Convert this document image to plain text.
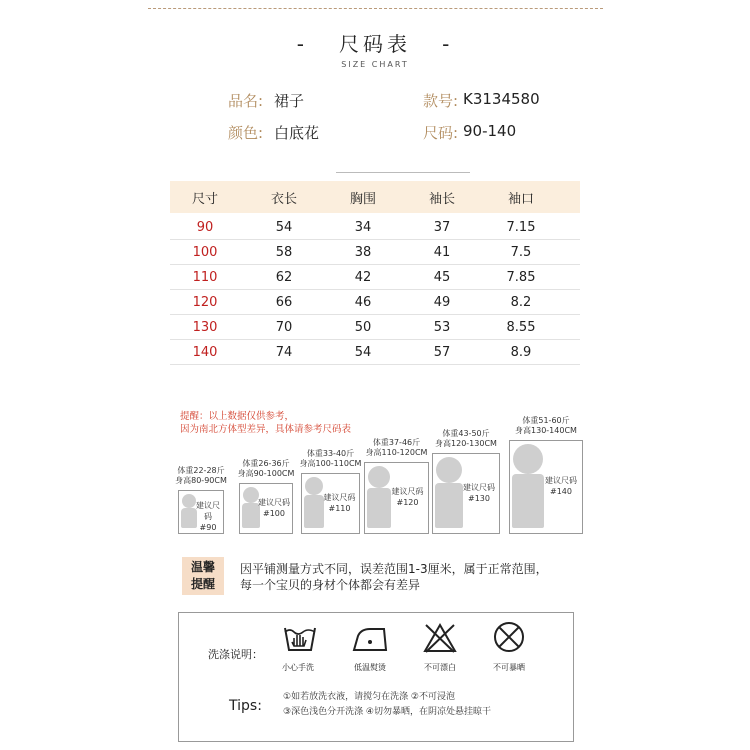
- 尺码表 -
SIZE CHART
品名: 裙子	款号: K3134580
颜色: 白底花	尺码: 90-140
尺寸	衣长	胸围	袖长	袖口
90	54	34	37	7.15
100	58	38	41	7.5
110	62	42	45	7.85
120	66	46	49	8.2
130	70	50	53	8.55
140	74	54	57	8.9
提醒：以上数据仅供参考，
因为南北方体型差异，具体请参考尺码表
体重22-28斤
身高80-90CM
建议尺码
#90
体重26-36斤
身高90-100CM
建议尺码
#100
体重33-40斤
身高100-110CM
建议尺码
#110
体重37-46斤
身高110-120CM
建议尺码
#120
体重43-50斤
身高120-130CM
建议尺码
#130
体重51-60斤
身高130-140CM
建议尺码
#140
温馨
提醒
因平铺测量方式不同，误差范围1-3厘米，属于正常范围，
每一个宝贝的身材个体都会有差异
洗涤说明：
小心手洗	低温熨烫	不可漂白	不可暴晒
Tips:
①如若放洗衣液，请搅匀在洗涤 ②不可浸泡
③深色浅色分开洗涤 ④切勿暴晒，在阴凉处悬挂晾干
